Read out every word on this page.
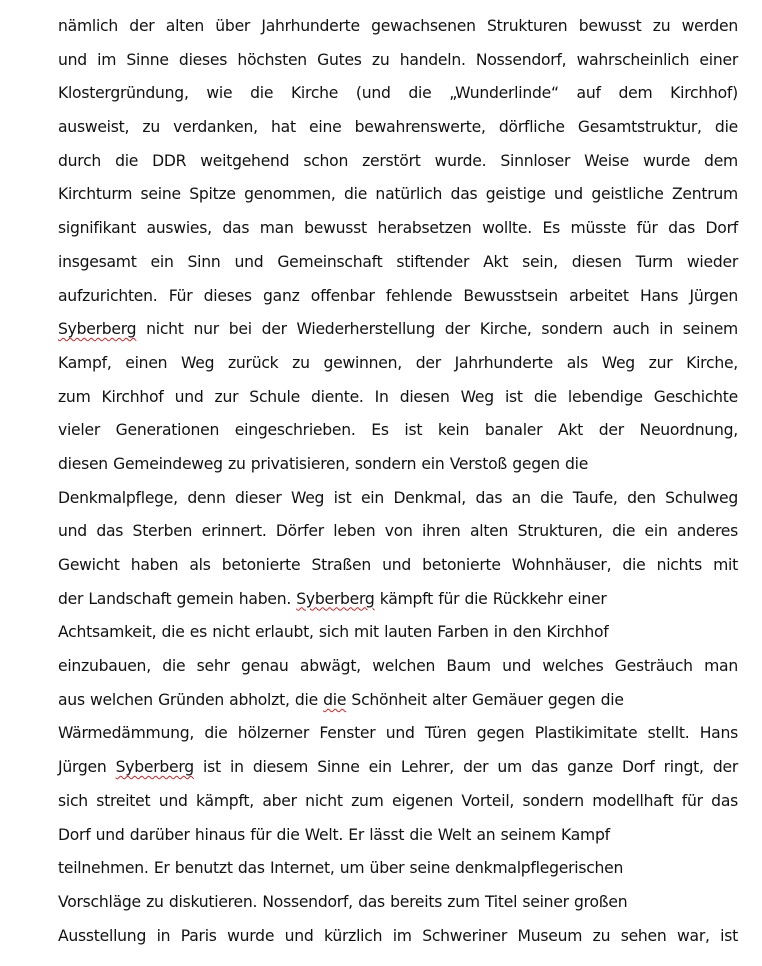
nämlich der alten über Jahrhunderte gewachsenen Strukturen bewusst zu werden
und im Sinne dieses höchsten Gutes zu handeln. Nossendorf, wahrscheinlich einer
Klostergründung, wie die Kirche (und die „Wunderlinde“ auf dem Kirchhof)
ausweist, zu verdanken, hat eine bewahrenswerte, dörfliche Gesamtstruktur, die
durch die DDR weitgehend schon zerstört wurde. Sinnloser Weise wurde dem
Kirchturm seine Spitze genommen, die natürlich das geistige und geistliche Zentrum
signifikant auswies, das man bewusst herabsetzen wollte. Es müsste für das Dorf
insgesamt ein Sinn und Gemeinschaft stiftender Akt sein, diesen Turm wieder
aufzurichten. Für dieses ganz offenbar fehlende Bewusstsein arbeitet Hans Jürgen
Syberberg nicht nur bei der Wiederherstellung der Kirche, sondern auch in seinem
Kampf, einen Weg zurück zu gewinnen, der Jahrhunderte als Weg zur Kirche,
zum Kirchhof und zur Schule diente. In diesen Weg ist die lebendige Geschichte
vieler Generationen eingeschrieben. Es ist kein banaler Akt der Neuordnung,
diesen Gemeindeweg zu privatisieren, sondern ein Verstoß gegen die
Denkmalpflege, denn dieser Weg ist ein Denkmal, das an die Taufe, den Schulweg
und das Sterben erinnert. Dörfer leben von ihren alten Strukturen, die ein anderes
Gewicht haben als betonierte Straßen und betonierte Wohnhäuser, die nichts mit
der Landschaft gemein haben. Syberberg kämpft für die Rückkehr einer
Achtsamkeit, die es nicht erlaubt, sich mit lauten Farben in den Kirchhof
einzubauen, die sehr genau abwägt, welchen Baum und welches Gesträuch man
aus welchen Gründen abholzt, die die Schönheit alter Gemäuer gegen die
Wärmedämmung, die hölzerner Fenster und Türen gegen Plastikimitate stellt. Hans
Jürgen Syberberg ist in diesem Sinne ein Lehrer, der um das ganze Dorf ringt, der
sich streitet und kämpft, aber nicht zum eigenen Vorteil, sondern modellhaft für das
Dorf und darüber hinaus für die Welt. Er lässt die Welt an seinem Kampf
teilnehmen. Er benutzt das Internet, um über seine denkmalpflegerischen
Vorschläge zu diskutieren. Nossendorf, das bereits zum Titel seiner großen
Ausstellung in Paris wurde und kürzlich im Schweriner Museum zu sehen war, ist
